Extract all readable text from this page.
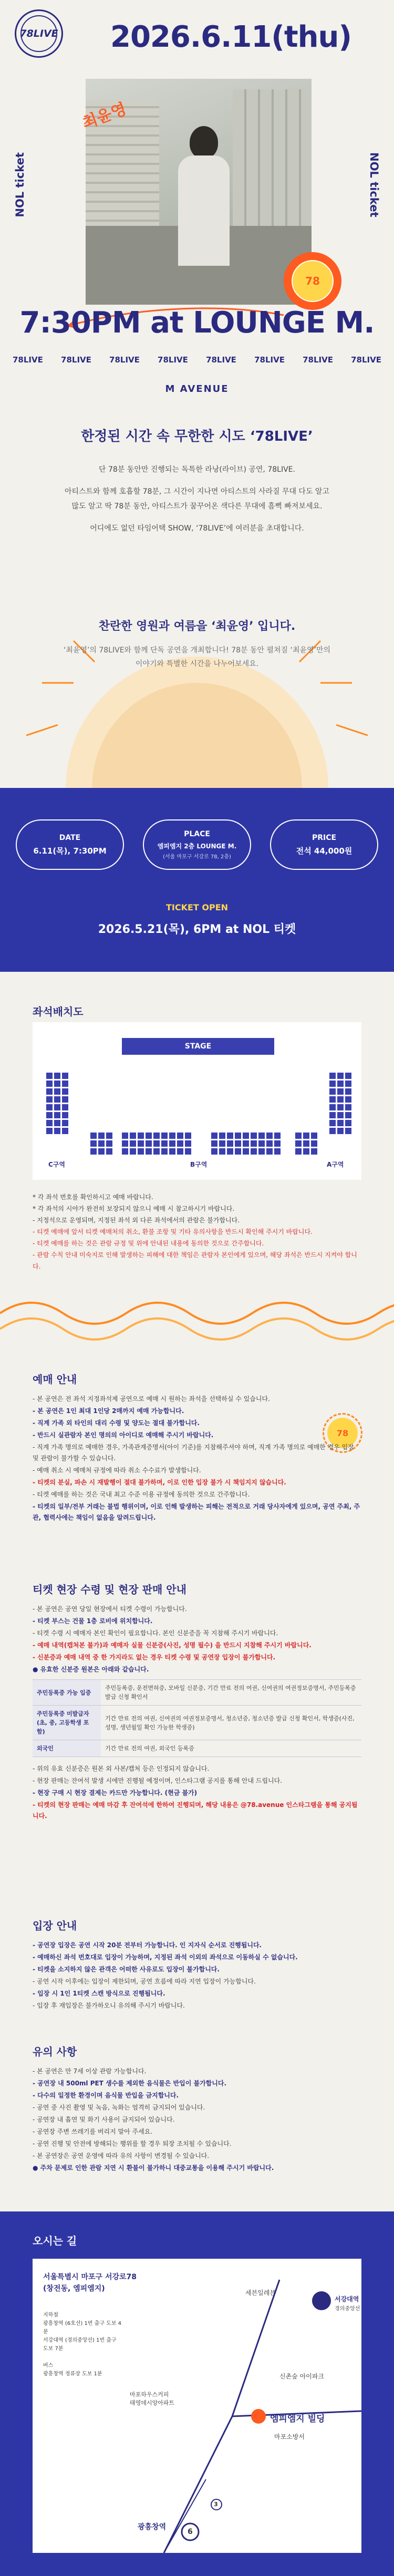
78LIVE 2026.6.11(thu)
NOL ticket	NOL ticket
최윤영
78
7:30PM at LOUNGE M.
78LIVE 78LIVE 78LIVE 78LIVE 78LIVE 78LIVE 78LIVE 78LIVE
M AVENUE
한정된 시간 속 무한한 시도 ‘78LIVE’

단 78분 동안만 진행되는 독특한 라낭(라이브) 공연, 78LIVE.

아티스트와 함께 호흡할 78분, 그 시간이 지나면 아티스트의 사라질 무대 다도 알고 많도 알고 딱 78분 동안, 아티스트가 꿈꾸어온 색다른 무대에 흠뻑 빠져보세요.

어디에도 없던 타임어택 SHOW, ‘78LIVE’에 여러분을 초대합니다.

찬란한 영원과 여름을 ‘최윤영’ 입니다.
‘최윤영’의 78LIVE와 함께 단독 공연을 개최합니다! 78분 동안 펼쳐질 ‘최윤영’만의 이야기와 특별한 시간을 나누어보세요.
DATE
6.11(목), 7:30PM
PLACE
엠피엠지 2층 LOUNGE M.
(서울 마포구 서강로 78, 2층)
PRICE
전석 44,000원
TICKET OPEN
2026.5.21(목), 6PM at NOL 티켓
좌석배치도
STAGE
C구역	B구역	A구역
* 각 좌석 번호를 확인하시고 예매 바랍니다.
* 각 좌석의 시야가 완전히 보장되지 않으니 예매 시 참고하시기 바랍니다.
- 지정석으로 운영되며, 지정된 좌석 외 다른 좌석에서의 관람은 불가합니다.
- 티켓 예매에 앞서 티켓 예매처의 취소, 환불 조항 및 기타 유의사항을 반드시 확인해 주시기 바랍니다.
- 티켓 예매를 하는 것은 관람 규정 및 위에 안내된 내용에 동의한 것으로 간주합니다.
- 관람 수칙 안내 미숙지로 인해 발생하는 피해에 대한 책임은 관람자 본인에게 있으며, 해당 좌석은 반드시 지켜야 합니다.
78
예매 안내
- 본 공연은 전 좌석 지정좌석제 공연으로 예매 시 원하는 좌석을 선택하실 수 있습니다.
- 본 공연은 1인 최대 1인당 2매까지 예매 가능합니다.
- 직계 가족 외 타인의 대리 수령 및 양도는 절대 불가합니다.
- 반드시 실관람자 본인 명의의 아이디로 예매해 주시기 바랍니다.
- 직계 가족 명의로 예매한 경우, 가족관계증명서(아이 기준)를 지참해주셔야 하며, 직계 가족 명의로 예매한 경우 입장 및 관람이 불가할 수 있습니다.
- 예매 취소 시 예매처 규정에 따라 취소 수수료가 발생합니다.
- 티켓의 분실, 파손 시 재발행이 절대 불가하며, 이로 인한 입장 불가 시 책임지지 않습니다.
- 티켓 예매를 하는 것은 국내 최고 수준 이용 규정에 동의한 것으로 간주합니다.
- 티켓의 일부/전부 거래는 불법 행위이며, 이로 인해 발생하는 피해는 전적으로 거래 당사자에게 있으며, 공연 주최, 주관, 협력사에는 책임이 없음을 알려드립니다.
티켓 현장 수령 및 현장 판매 안내
- 본 공연은 공연 당일 현장에서 티켓 수령이 가능합니다.
- 티켓 부스는 건물 1층 로비에 위치합니다.
- 티켓 수령 시 예매자 본인 확인이 필요합니다. 본인 신분증을 꼭 지참해 주시기 바랍니다.
- 예매 내역(캡쳐본 불가)과 예매자 실물 신분증(사진, 성명 필수) 을 반드시 지참해 주시기 바랍니다.
- 신분증과 예매 내역 중 한 가지라도 없는 경우 티켓 수령 및 공연장 입장이 불가합니다.
● 유효한 신분증 원본은 아래와 같습니다.
주민등록증 가능 입증	주민등록증, 운전면허증, 모바일 신분증, 기간 만료 전의 여권, 신여권의 여권정보증명서, 주민등록증 발급 신청 확인서
주민등록증 미발급자 (초, 중, 고등학생 포함)	기간 만료 전의 여권, 신여권의 여권정보증명서, 청소년증, 청소년증 발급 신청 확인서, 학생증(사진, 성명, 생년월일 확인 가능한 학생증)
외국인	기간 만료 전의 여권, 외국인 등록증
- 위의 유효 신분증은 원본 외 사본/캡처 등은 인정되지 않습니다.
- 현장 판매는 잔여석 발생 시에만 진행될 예정이며, 인스타그램 공지를 통해 안내 드립니다.
- 현장 구매 시 현장 결제는 카드만 가능합니다. (현금 불가)
- 티켓의 현장 판매는 예매 마감 후 잔여석에 한하여 진행되며, 해당 내용은 @78.avenue 인스타그램을 통해 공지됩니다.
입장 안내
- 공연장 입장은 공연 시작 20분 전부터 가능합니다. 인 지자식 순서로 진행됩니다.
- 예매하신 좌석 번호대로 입장이 가능하며, 지정된 좌석 이외의 좌석으로 이동하실 수 없습니다.
- 티켓을 소지하지 않은 관객은 어떠한 사유로도 입장이 불가합니다.
- 공연 시작 이후에는 입장이 제한되며, 공연 흐름에 따라 지연 입장이 가능합니다.
- 입장 시 1인 1티켓 스캔 방식으로 진행됩니다.
- 입장 후 재입장은 불가하오니 유의해 주시기 바랍니다.
유의 사항
- 본 공연은 만 7세 이상 관람 가능합니다.
- 공연장 내 500ml PET 생수를 제외한 음식물은 반입이 불가합니다.
- 다수의 일정한 환경이며 음식물 반입을 금지합니다.
- 공연 중 사진 촬영 및 녹음, 녹화는 엄격히 금지되어 있습니다.
- 공연장 내 흡연 및 화기 사용이 금지되어 있습니다.
- 공연장 주변 쓰레기를 버리지 말아 주세요.
- 공연 진행 및 안전에 방해되는 행위를 할 경우 퇴장 조치될 수 있습니다.
- 본 공연장은 공연 운영에 따라 유의 사항이 변경될 수 있습니다.
● 주차 문제로 인한 관람 지연 시 환불이 불가하니 대중교통을 이용해 주시기 바랍니다.
오시는 길
서울특별시 마포구 서강로78
(창전동, 엠피엠지)
지하철
광흥창역 (6호선) 1번 출구 도보 4분
서강대역 (경의중앙선) 1번 출구 도보 7분

버스
광흥창역 정류장 도보 1분
세븐일레븐
서강대역
경의중앙선
마포하우스커피
태영데시앙아파트
신촌숲 아이파크
엠피엠지 빌딩
마포소방서
3
6
광흥창역
